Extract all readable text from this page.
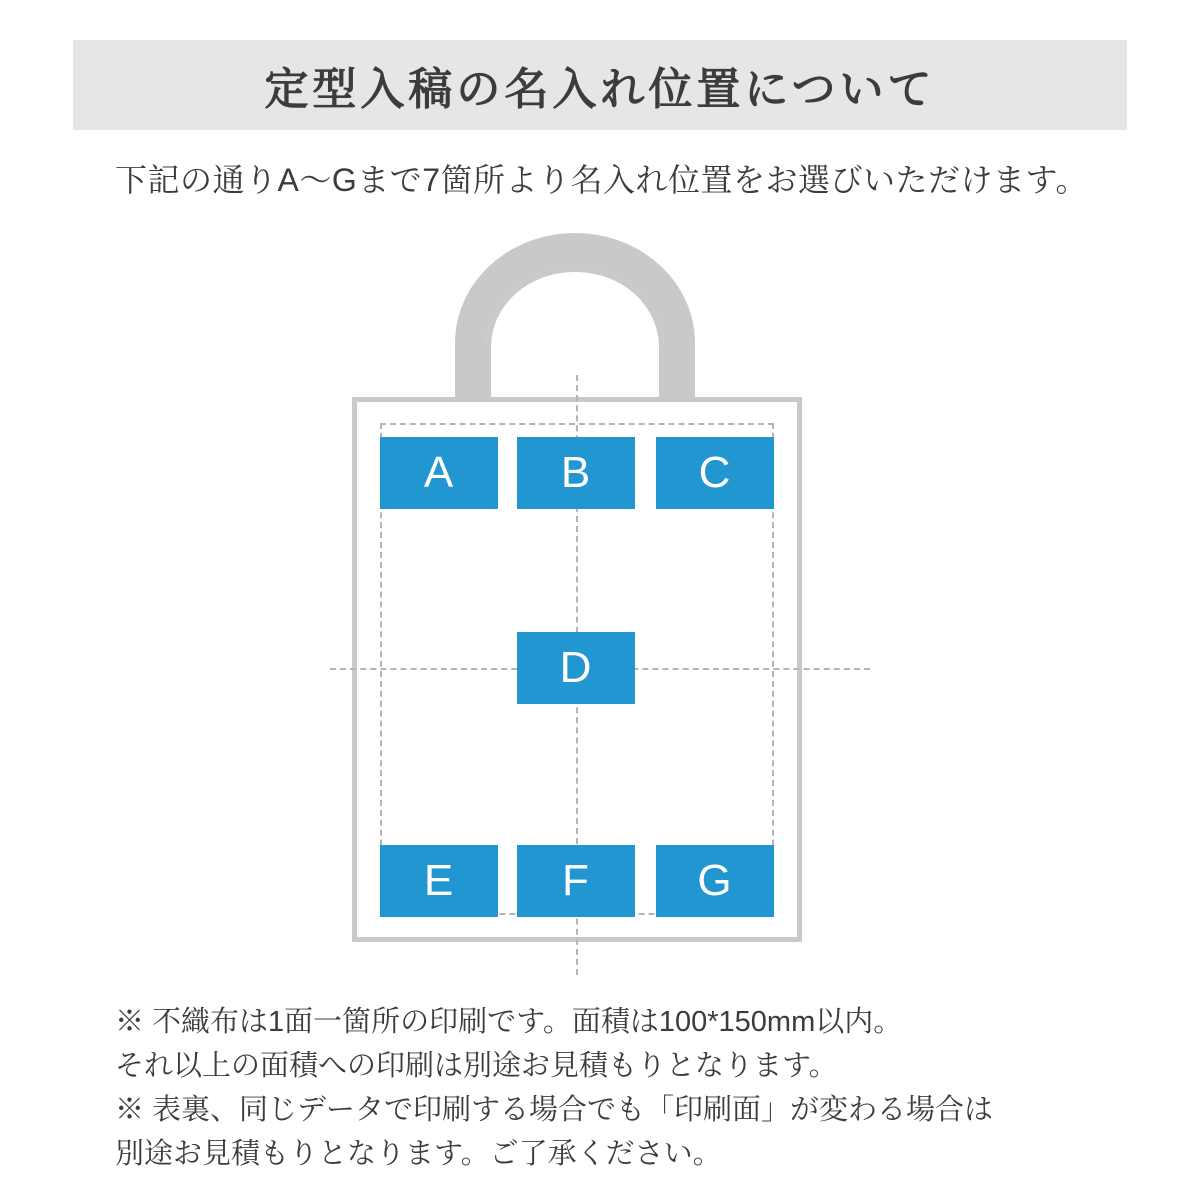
定型入稿の名入れ位置について
下記の通りA〜Gまで7箇所より名入れ位置をお選びいただけます。
A	B	C
D
E	F	G
※ 不織布は1面一箇所の印刷です。面積は100*150mm以内。
それ以上の面積への印刷は別途お見積もりとなります。
※ 表裏、同じデータで印刷する場合でも「印刷面」が変わる場合は
別途お見積もりとなります。ご了承ください。
